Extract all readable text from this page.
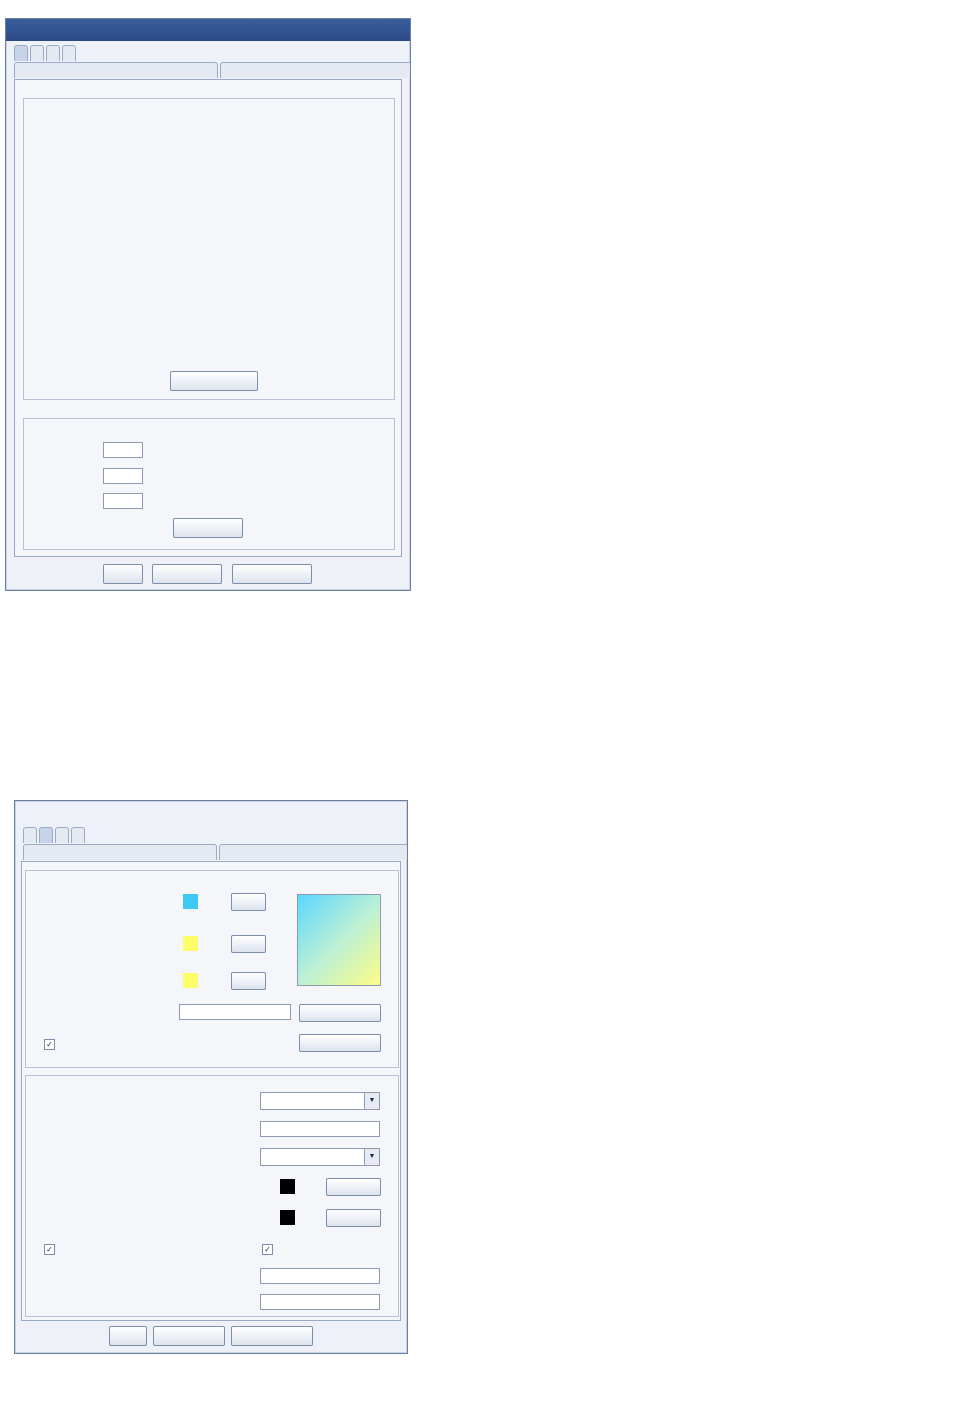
✓
▼
▼
✓	✓
